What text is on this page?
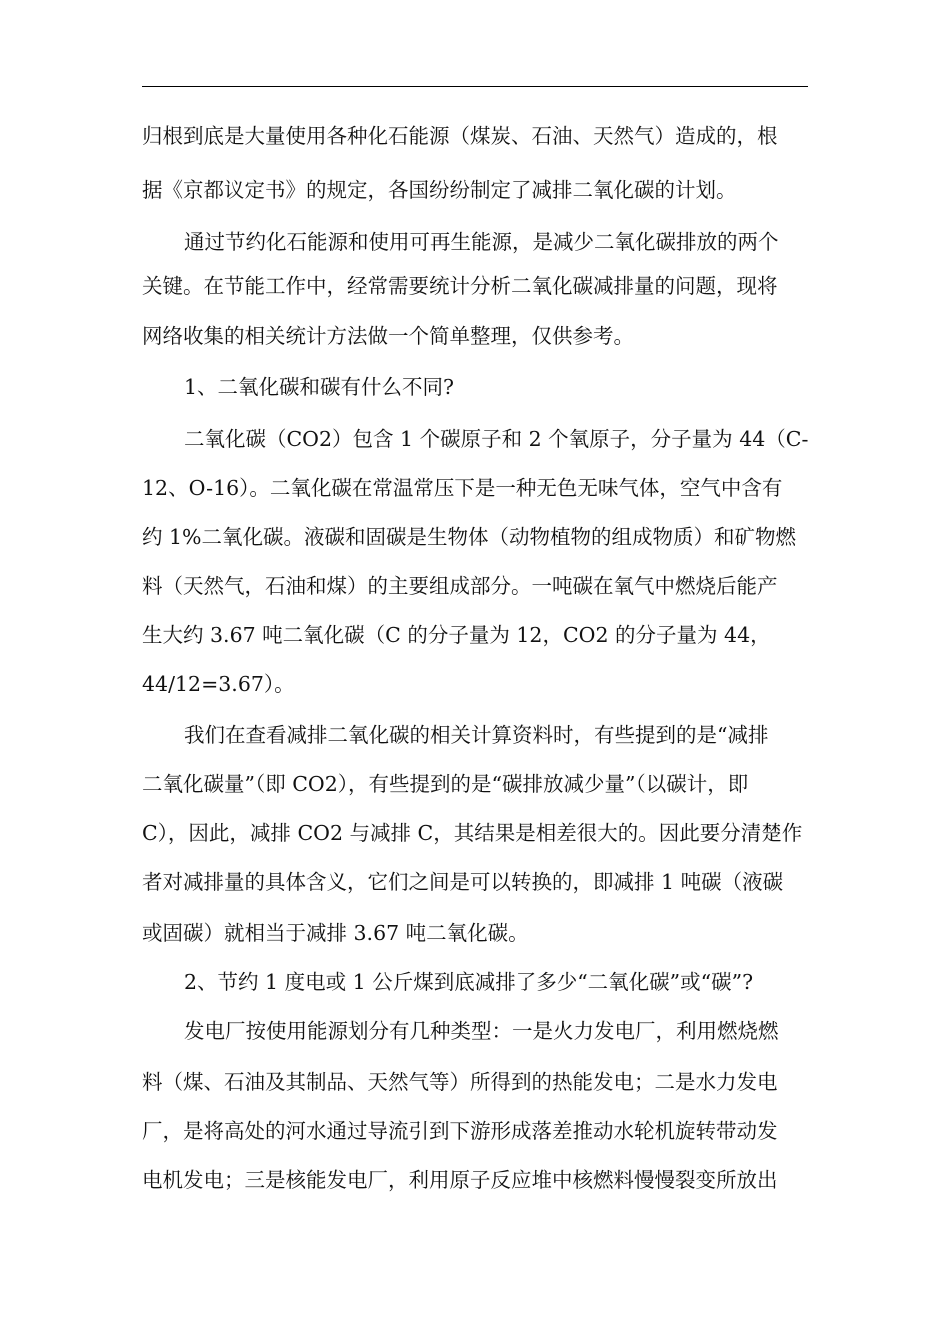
归根到底是大量使用各种化石能源（煤炭、石油、天然气）造成的，根
据《京都议定书》的规定，各国纷纷制定了减排二氧化碳的计划。
通过节约化石能源和使用可再生能源，是减少二氧化碳排放的两个
关键。在节能工作中，经常需要统计分析二氧化碳减排量的问题，现将
网络收集的相关统计方法做一个简单整理，仅供参考。
1、二氧化碳和碳有什么不同?
二氧化碳（CO2）包含 1 个碳原子和 2 个氧原子，分子量为 44（C-
12、O-16）。二氧化碳在常温常压下是一种无色无味气体，空气中含有
约 1%二氧化碳。液碳和固碳是生物体（动物植物的组成物质）和矿物燃
料（天然气，石油和煤）的主要组成部分。一吨碳在氧气中燃烧后能产
生大约 3.67 吨二氧化碳（C 的分子量为 12，CO2 的分子量为 44，
44/12=3.67）。
我们在查看减排二氧化碳的相关计算资料时，有些提到的是“减排
二氧化碳量”（即 CO2），有些提到的是“碳排放减少量”（以碳计，即
C），因此，减排 CO2 与减排 C，其结果是相差很大的。因此要分清楚作
者对减排量的具体含义，它们之间是可以转换的，即减排 1 吨碳（液碳
或固碳）就相当于减排 3.67 吨二氧化碳。
2、节约 1 度电或 1 公斤煤到底减排了多少“二氧化碳”或“碳”?
发电厂按使用能源划分有几种类型：一是火力发电厂，利用燃烧燃
料（煤、石油及其制品、天然气等）所得到的热能发电；二是水力发电
厂，是将高处的河水通过导流引到下游形成落差推动水轮机旋转带动发
电机发电；三是核能发电厂，利用原子反应堆中核燃料慢慢裂变所放出
